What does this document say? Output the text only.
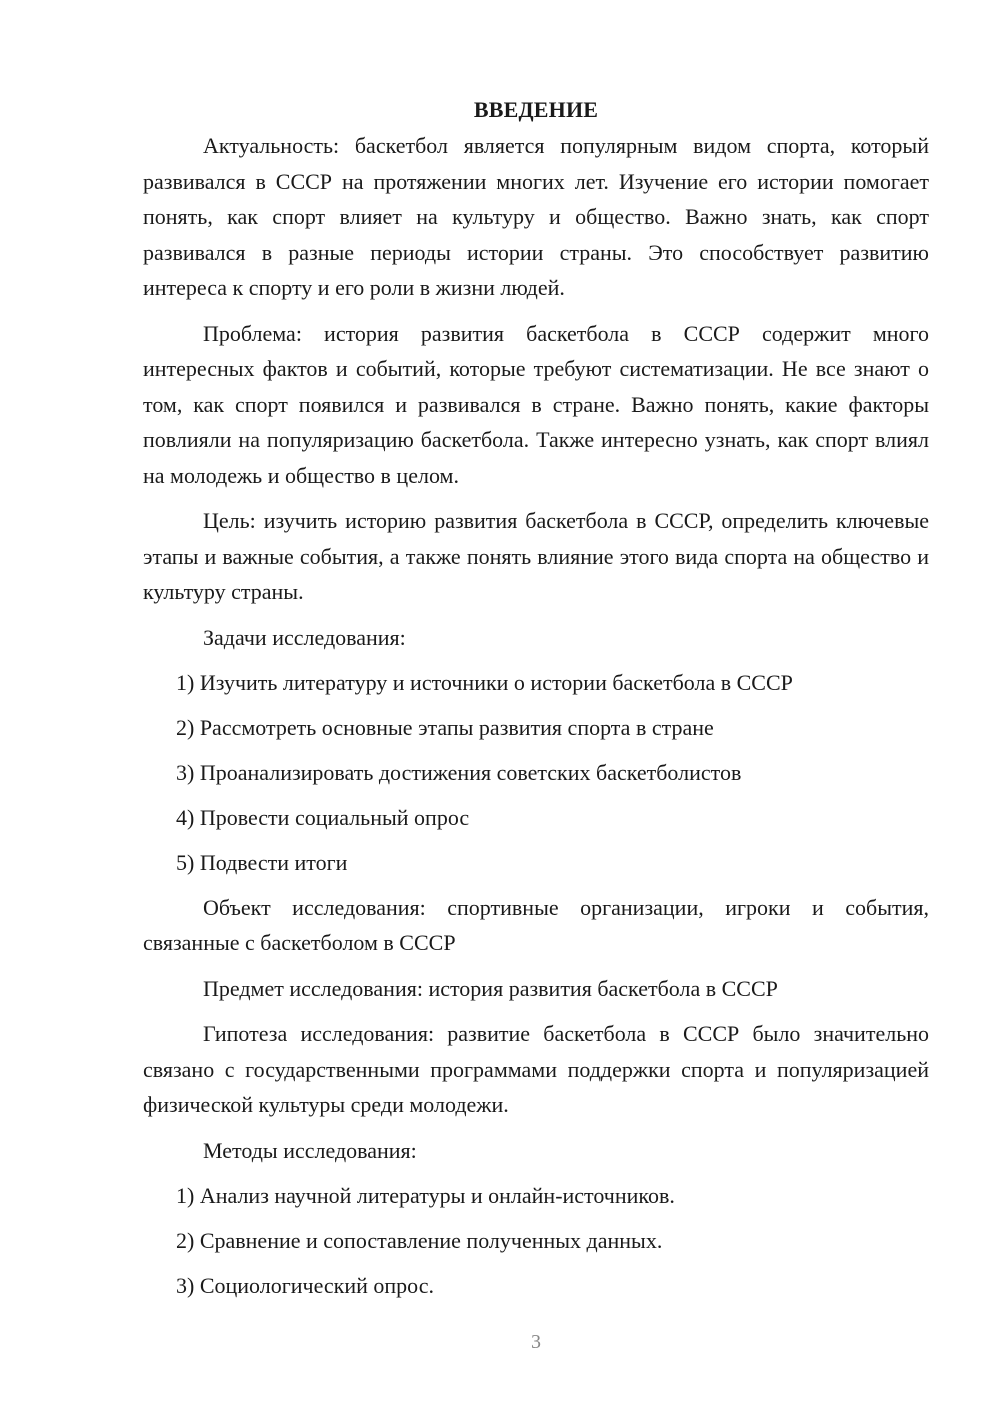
ВВЕДЕНИЕ

Актуальность: баскетбол является популярным видом спорта, который развивался в СССР на протяжении многих лет. Изучение его истории помогает понять, как спорт влияет на культуру и общество. Важно знать, как спорт развивался в разные периоды истории страны. Это способствует развитию интереса к спорту и его роли в жизни людей.

Проблема: история развития баскетбола в СССР содержит много интересных фактов и событий, которые требуют систематизации. Не все знают о том, как спорт появился и развивался в стране. Важно понять, какие факторы повлияли на популяризацию баскетбола. Также интересно узнать, как спорт влиял на молодежь и общество в целом.

Цель: изучить историю развития баскетбола в СССР, определить ключевые этапы и важные события, а также понять влияние этого вида спорта на общество и культуру страны.

Задачи исследования:
1) Изучить литературу и источники о истории баскетбола в СССР
2) Рассмотреть основные этапы развития спорта в стране
3) Проанализировать достижения советских баскетболистов
4) Провести социальный опрос
5) Подвести итоги

Объект исследования: спортивные организации, игроки и события, связанные с баскетболом в СССР

Предмет исследования: история развития баскетбола в СССР

Гипотеза исследования: развитие баскетбола в СССР было значительно связано с государственными программами поддержки спорта и популяризацией физической культуры среди молодежи.

Методы исследования:
1) Анализ научной литературы и онлайн-источников.
2) Сравнение и сопоставление полученных данных.
3) Социологический опрос.
3
